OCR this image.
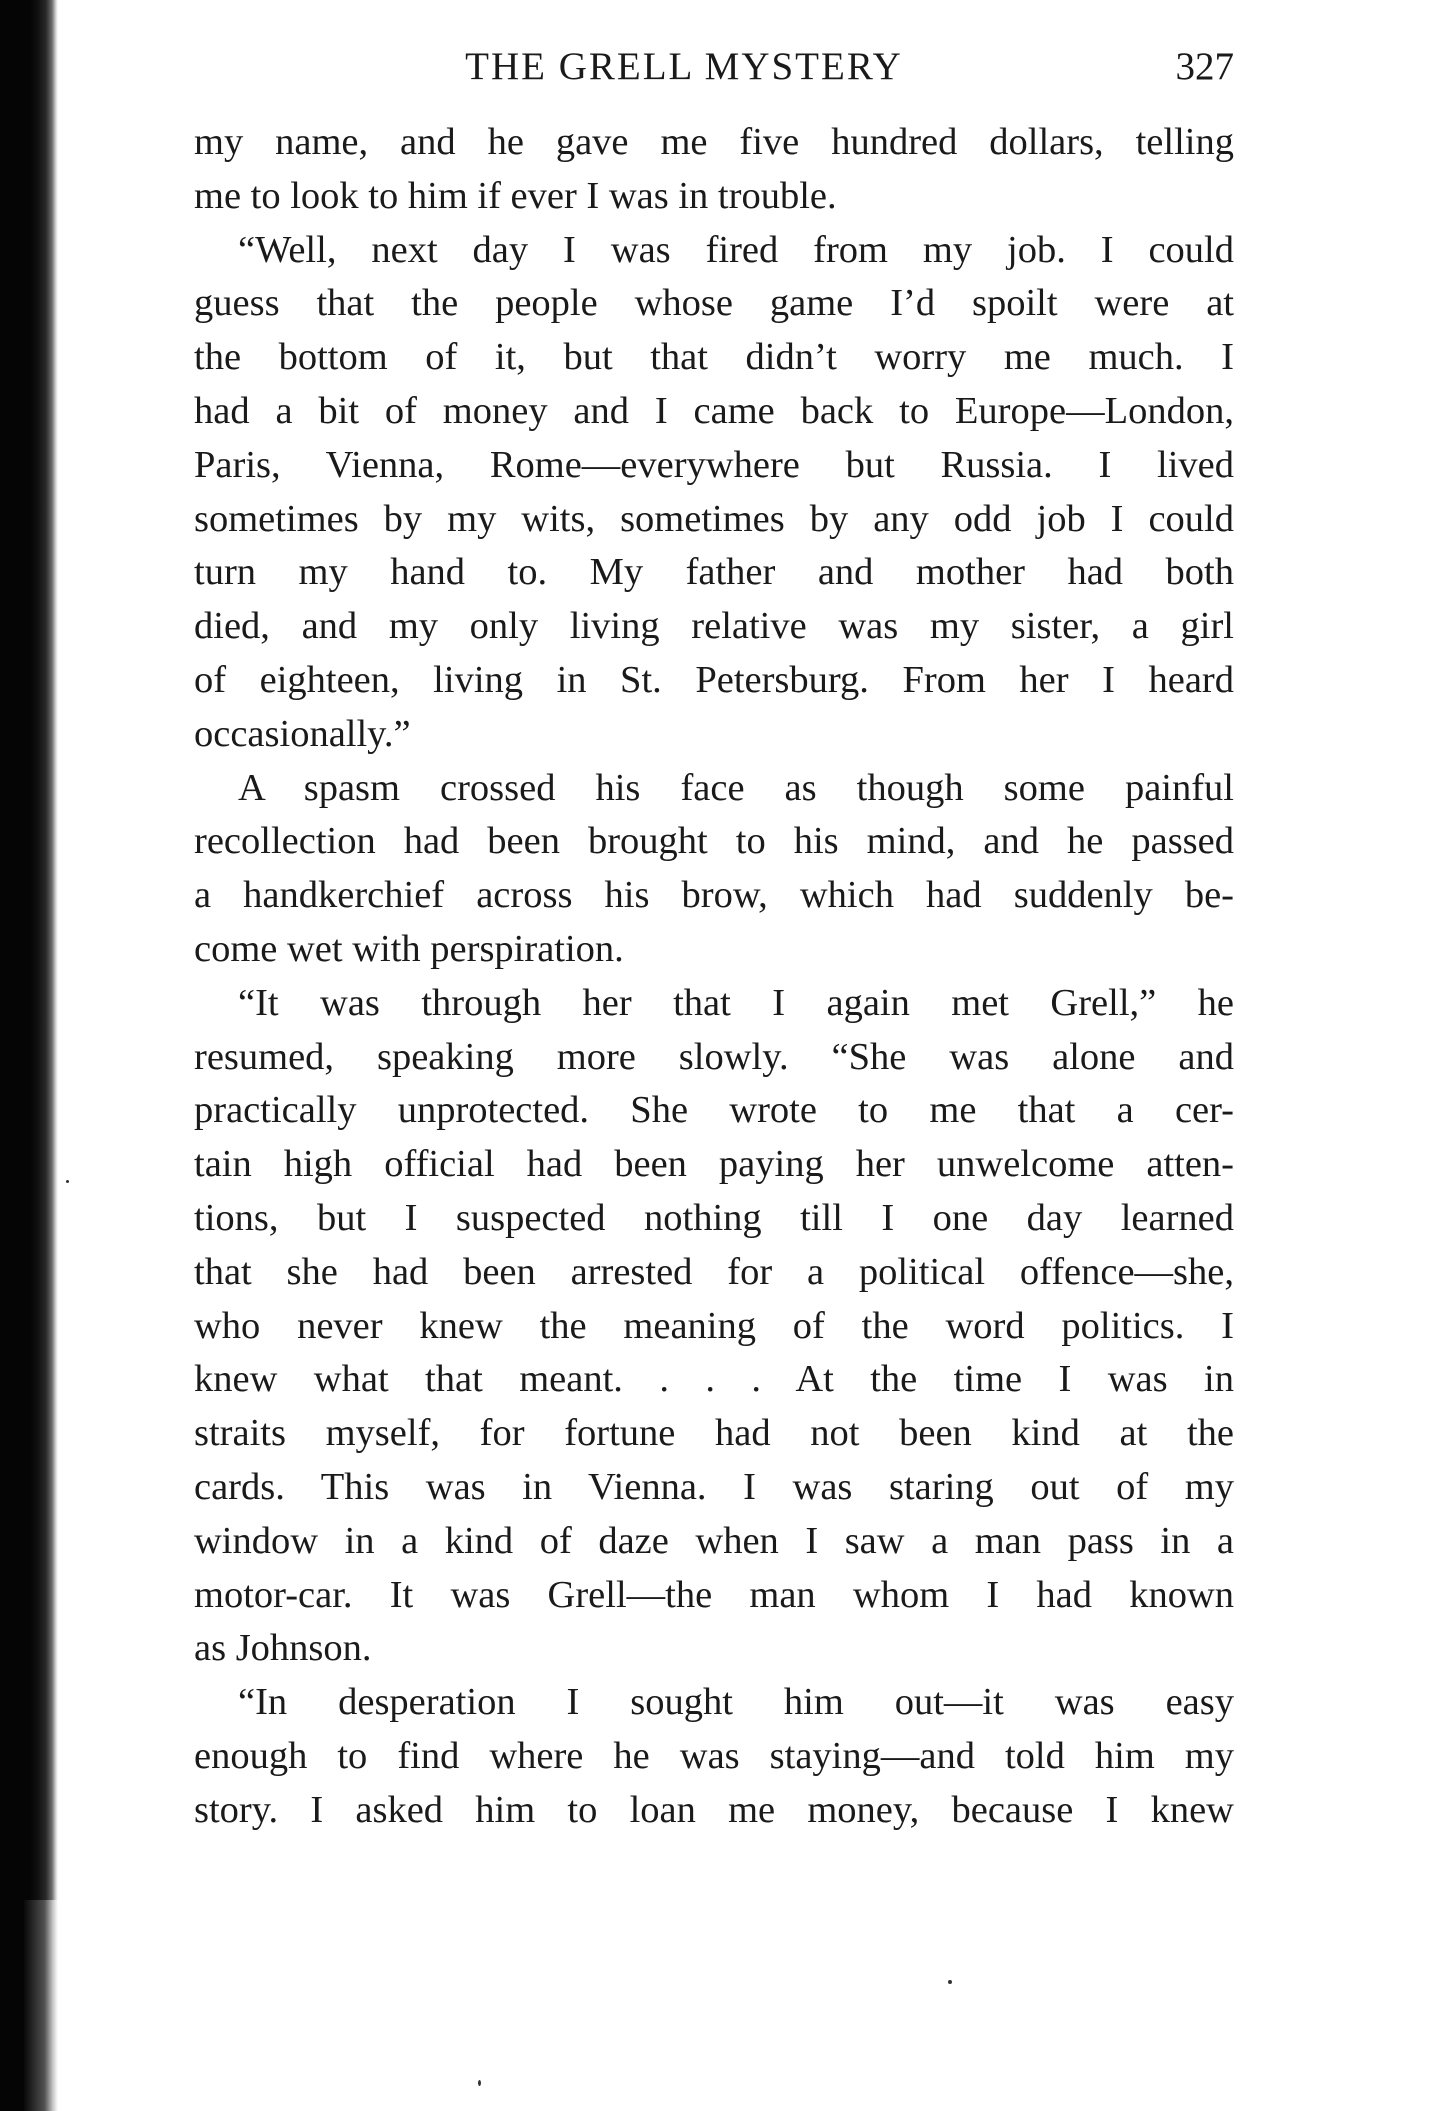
THE GRELL MYSTERY	327
my name, and he gave me five hundred dollars, telling
me to look to him if ever I was in trouble.
“Well, next day I was fired from my job. I could
guess that the people whose game I’d spoilt were at
the bottom of it, but that didn’t worry me much. I
had a bit of money and I came back to Europe—London,
Paris, Vienna, Rome—everywhere but Russia. I lived
sometimes by my wits, sometimes by any odd job I could
turn my hand to. My father and mother had both
died, and my only living relative was my sister, a girl
of eighteen, living in St. Petersburg. From her I heard
occasionally.”
A spasm crossed his face as though some painful
recollection had been brought to his mind, and he passed
a handkerchief across his brow, which had suddenly be-
come wet with perspiration.
“It was through her that I again met Grell,” he
resumed, speaking more slowly. “She was alone and
practically unprotected. She wrote to me that a cer-
tain high official had been paying her unwelcome atten-
tions, but I suspected nothing till I one day learned
that she had been arrested for a political offence—she,
who never knew the meaning of the word politics. I
knew what that meant. . . . At the time I was in
straits myself, for fortune had not been kind at the
cards. This was in Vienna. I was staring out of my
window in a kind of daze when I saw a man pass in a
motor-car. It was Grell—the man whom I had known
as Johnson.
“In desperation I sought him out—it was easy
enough to find where he was staying—and told him my
story. I asked him to loan me money, because I knew
